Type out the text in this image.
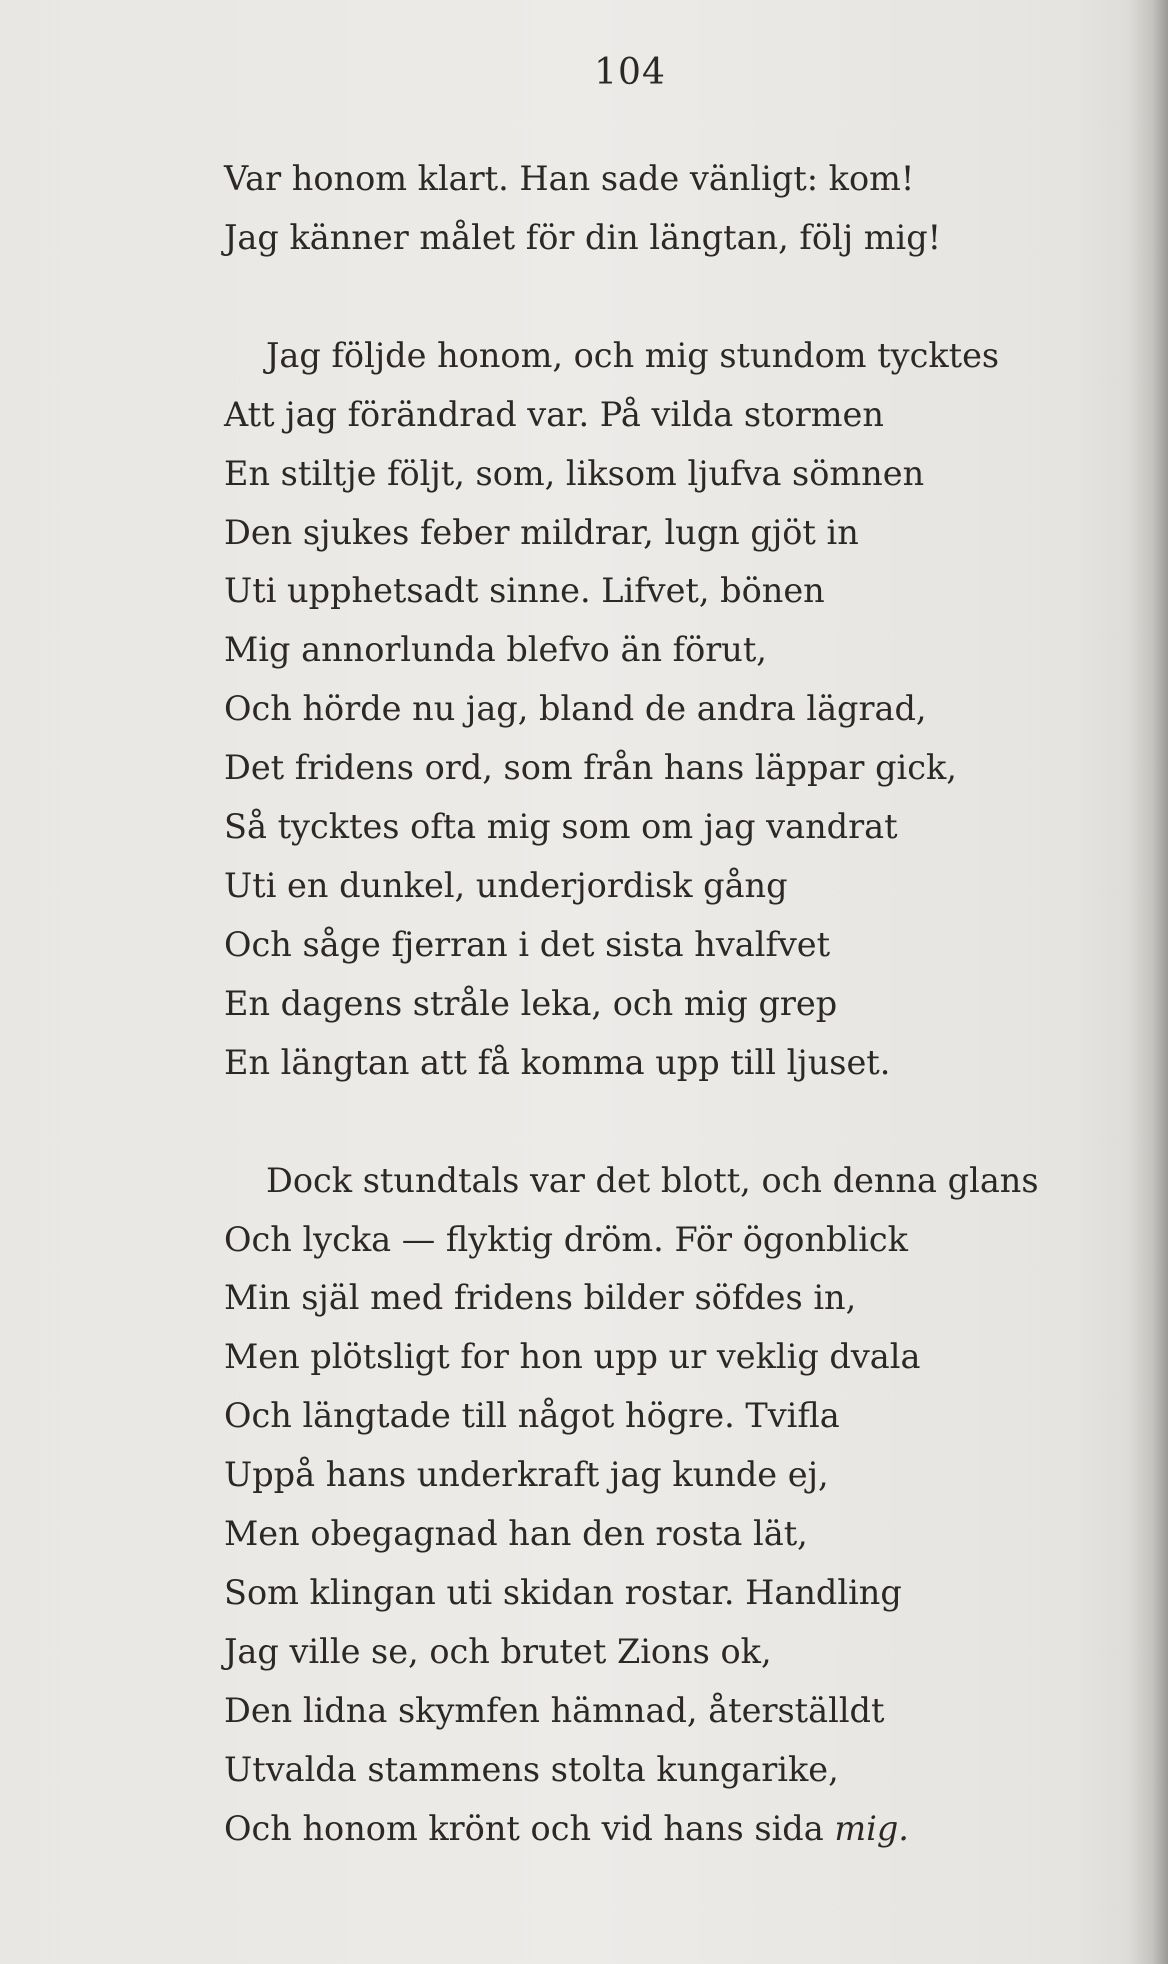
104

Var honom klart. Han sade vänligt: kom!
Jag känner målet för din längtan, följ mig!

Jag följde honom, och mig stundom tycktes
Att jag förändrad var. På vilda stormen
En stiltje följt, som, liksom ljufva sömnen
Den sjukes feber mildrar, lugn gjöt in
Uti upphetsadt sinne. Lifvet, bönen
Mig annorlunda blefvo än förut,
Och hörde nu jag, bland de andra lägrad,
Det fridens ord, som från hans läppar gick,
Så tycktes ofta mig som om jag vandrat
Uti en dunkel, underjordisk gång
Och såge fjerran i det sista hvalfvet
En dagens stråle leka, och mig grep
En längtan att få komma upp till ljuset.

Dock stundtals var det blott, och denna glans
Och lycka — flyktig dröm. För ögonblick
Min själ med fridens bilder söfdes in,
Men plötsligt for hon upp ur veklig dvala
Och längtade till något högre. Tvifla
Uppå hans underkraft jag kunde ej,
Men obegagnad han den rosta lät,
Som klingan uti skidan rostar. Handling
Jag ville se, och brutet Zions ok,
Den lidna skymfen hämnad, återställdt
Utvalda stammens stolta kungarike,
Och honom krönt och vid hans sida mig.
